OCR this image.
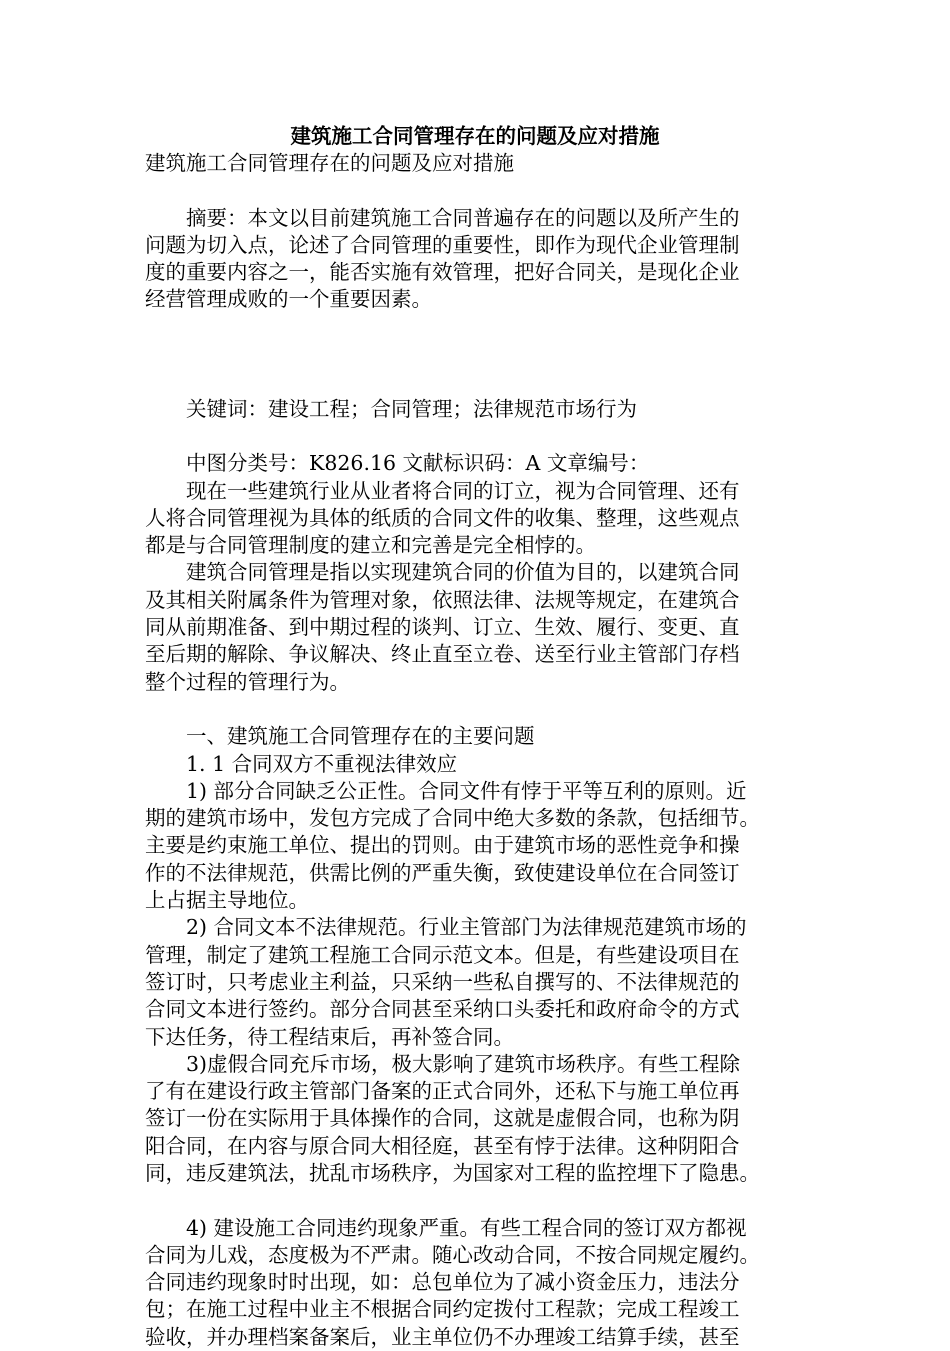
建筑施工合同管理存在的问题及应对措施
建筑施工合同管理存在的问题及应对措施
　　摘要：本文以目前建筑施工合同普遍存在的问题以及所产生的
问题为切入点，论述了合同管理的重要性，即作为现代企业管理制
度的重要内容之一，能否实施有效管理，把好合同关，是现化企业
经营管理成败的一个重要因素。
　　关键词：建设工程；合同管理；法律规范市场行为
　　中图分类号：K826.16 文献标识码：A 文章编号：
　　现在一些建筑行业从业者将合同的订立，视为合同管理、还有
人将合同管理视为具体的纸质的合同文件的收集、整理，这些观点
都是与合同管理制度的建立和完善是完全相悖的。
　　建筑合同管理是指以实现建筑合同的价值为目的，以建筑合同
及其相关附属条件为管理对象，依照法律、法规等规定，在建筑合
同从前期准备、到中期过程的谈判、订立、生效、履行、变更、直
至后期的解除、争议解决、终止直至立卷、送至行业主管部门存档
整个过程的管理行为。
　　一、建筑施工合同管理存在的主要问题
　　1. 1 合同双方不重视法律效应
　　1) 部分合同缺乏公正性。合同文件有悖于平等互利的原则。近
期的建筑市场中，发包方完成了合同中绝大多数的条款，包括细节。
主要是约束施工单位、提出的罚则。由于建筑市场的恶性竞争和操
作的不法律规范，供需比例的严重失衡，致使建设单位在合同签订
上占据主导地位。
　　2) 合同文本不法律规范。行业主管部门为法律规范建筑市场的
管理，制定了建筑工程施工合同示范文本。但是，有些建设项目在
签订时，只考虑业主利益，只采纳一些私自撰写的、不法律规范的
合同文本进行签约。部分合同甚至采纳口头委托和政府命令的方式
下达任务，待工程结束后，再补签合同。
　　3)虚假合同充斥市场，极大影响了建筑市场秩序。有些工程除
了有在建设行政主管部门备案的正式合同外，还私下与施工单位再
签订一份在实际用于具体操作的合同，这就是虚假合同，也称为阴
阳合同，在内容与原合同大相径庭，甚至有悖于法律。这种阴阳合
同，违反建筑法，扰乱市场秩序，为国家对工程的监控埋下了隐患。
　　4) 建设施工合同违约现象严重。有些工程合同的签订双方都视
合同为儿戏，态度极为不严肃。随心改动合同，不按合同规定履约。
合同违约现象时时出现，如：总包单位为了减小资金压力，违法分
包；在施工过程中业主不根据合同约定拨付工程款；完成工程竣工
验收，并办理档案备案后，业主单位仍不办理竣工结算手续，甚至
